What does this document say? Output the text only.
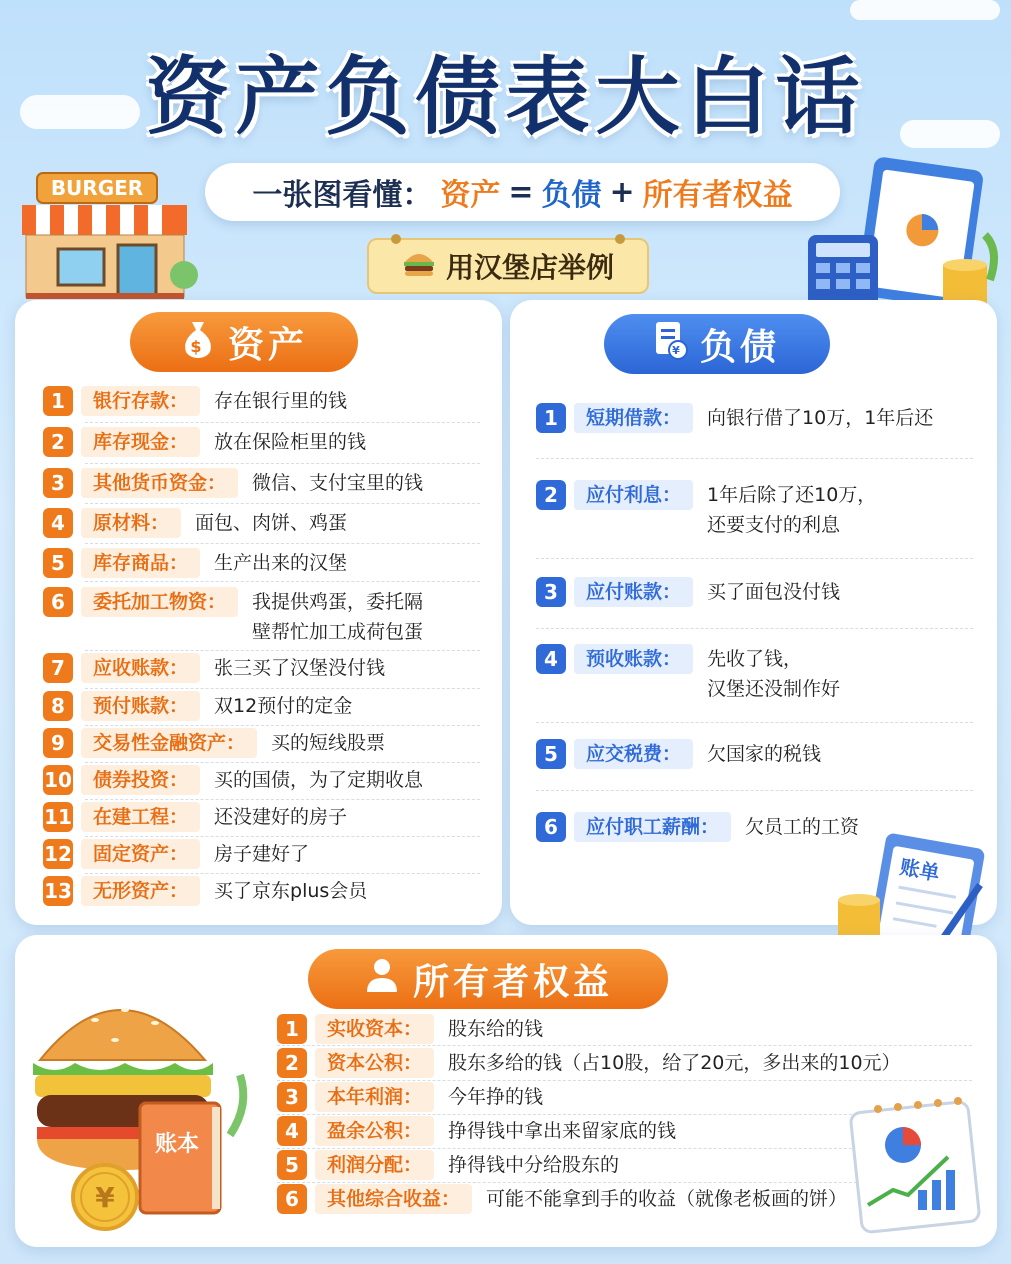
资产负债表大白话
一张图看懂： 资产 = 负债 + 所有者权益
BURGER
用汉堡店举例
$ 资产
1	银行存款：	存在银行里的钱
2	库存现金：	放在保险柜里的钱
3	其他货币资金：	微信、支付宝里的钱
4	原材料：	面包、肉饼、鸡蛋
5	库存商品：	生产出来的汉堡
6	委托加工物资：	我提供鸡蛋，委托隔
壁帮忙加工成荷包蛋
7	应收账款：	张三买了汉堡没付钱
8	预付账款：	双12预付的定金
9	交易性金融资产：	买的短线股票
10	债券投资：	买的国债，为了定期收息
11	在建工程：	还没建好的房子
12	固定资产：	房子建好了
13	无形资产：	买了京东plus会员
¥ 负债
1	短期借款：	向银行借了10万，1年后还
2	应付利息：	1年后除了还10万，
还要支付的利息
3	应付账款：	买了面包没付钱
4	预收账款：	先收了钱，
汉堡还没制作好
5	应交税费：	欠国家的税钱
6	应付职工薪酬：	欠员工的工资
账单
所有者权益
1	实收资本：	股东给的钱
2	资本公积：	股东多给的钱（占10股，给了20元，多出来的10元）
3	本年利润：	今年挣的钱
4	盈余公积：	挣得钱中拿出来留家底的钱
5	利润分配：	挣得钱中分给股东的
6	其他综合收益：	可能不能拿到手的收益（就像老板画的饼）
¥
账本
